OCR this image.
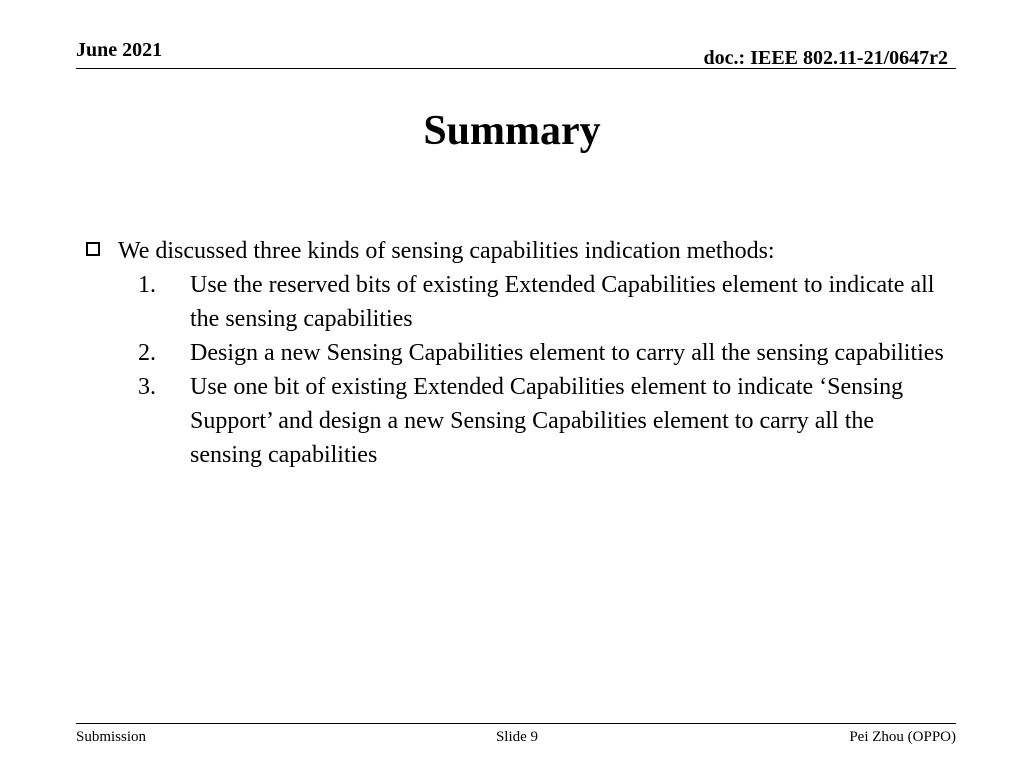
June 2021	doc.: IEEE 802.11-21/0647r2
Summary
We discussed three kinds of sensing capabilities indication methods:
1.	Use the reserved bits of existing Extended Capabilities element to indicate all the sensing capabilities
2.	Design a new Sensing Capabilities element to carry all the sensing capabilities
3.	Use one bit of existing Extended Capabilities element to indicate ‘Sensing Support’ and design a new Sensing Capabilities element to carry all the sensing capabilities
Submission	Slide 9	Pei Zhou (OPPO)
